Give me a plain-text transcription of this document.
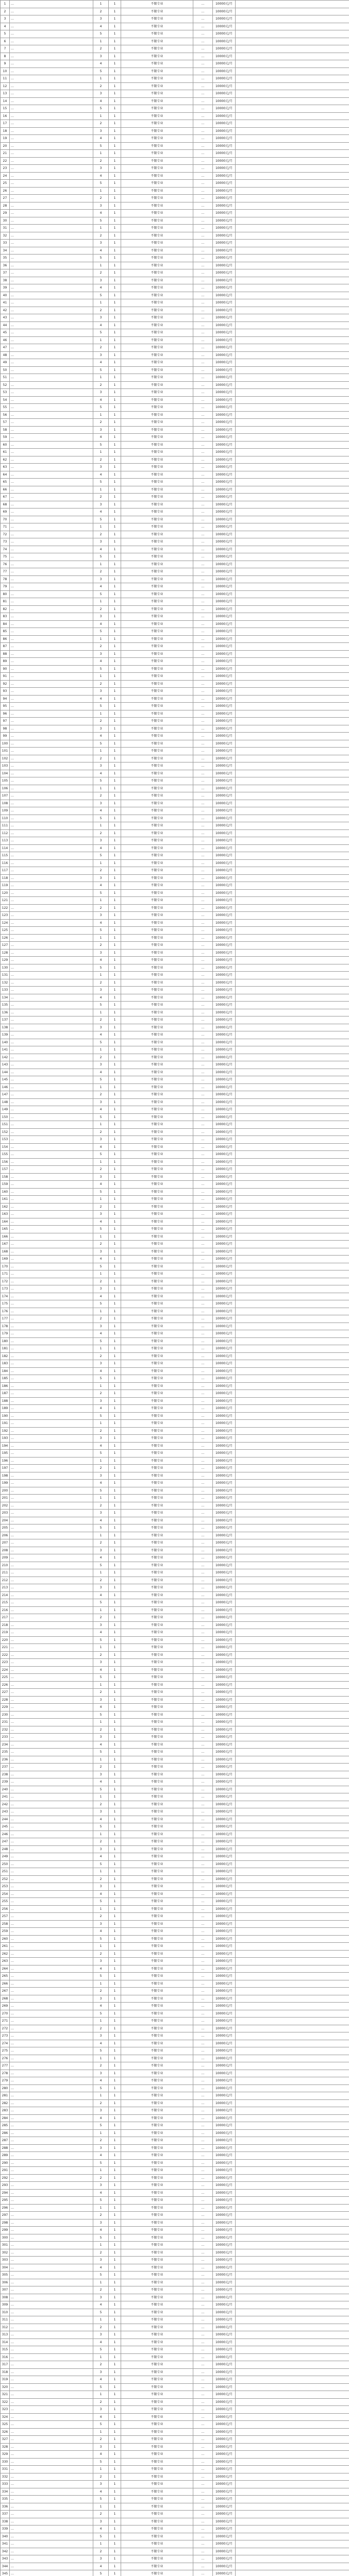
1	…	1	1	不限专业	…	10000元/月	
2	…	2	1	不限专业	…	10000元/月	
3	…	3	1	不限专业	…	10000元/月	
4	…	4	1	不限专业	…	10000元/月	
5	…	5	1	不限专业	…	10000元/月	
6	…	1	1	不限专业	…	10000元/月	
7	…	2	1	不限专业	…	10000元/月	
8	…	3	1	不限专业	…	10000元/月	
9	…	4	1	不限专业	…	10000元/月	
10	…	5	1	不限专业	…	10000元/月	
11	…	1	1	不限专业	…	10000元/月	
12	…	2	1	不限专业	…	10000元/月	
13	…	3	1	不限专业	…	10000元/月	
14	…	4	1	不限专业	…	10000元/月	
15	…	5	1	不限专业	…	10000元/月	
16	…	1	1	不限专业	…	10000元/月	
17	…	2	1	不限专业	…	10000元/月	
18	…	3	1	不限专业	…	10000元/月	
19	…	4	1	不限专业	…	10000元/月	
20	…	5	1	不限专业	…	10000元/月	
21	…	1	1	不限专业	…	10000元/月	
22	…	2	1	不限专业	…	10000元/月	
23	…	3	1	不限专业	…	10000元/月	
24	…	4	1	不限专业	…	10000元/月	
25	…	5	1	不限专业	…	10000元/月	
26	…	1	1	不限专业	…	10000元/月	
27	…	2	1	不限专业	…	10000元/月	
28	…	3	1	不限专业	…	10000元/月	
29	…	4	1	不限专业	…	10000元/月	
30	…	5	1	不限专业	…	10000元/月	
31	…	1	1	不限专业	…	10000元/月	
32	…	2	1	不限专业	…	10000元/月	
33	…	3	1	不限专业	…	10000元/月	
34	…	4	1	不限专业	…	10000元/月	
35	…	5	1	不限专业	…	10000元/月	
36	…	1	1	不限专业	…	10000元/月	
37	…	2	1	不限专业	…	10000元/月	
38	…	3	1	不限专业	…	10000元/月	
39	…	4	1	不限专业	…	10000元/月	
40	…	5	1	不限专业	…	10000元/月	
41	…	1	1	不限专业	…	10000元/月	
42	…	2	1	不限专业	…	10000元/月	
43	…	3	1	不限专业	…	10000元/月	
44	…	4	1	不限专业	…	10000元/月	
45	…	5	1	不限专业	…	10000元/月	
46	…	1	1	不限专业	…	10000元/月	
47	…	2	1	不限专业	…	10000元/月	
48	…	3	1	不限专业	…	10000元/月	
49	…	4	1	不限专业	…	10000元/月	
50	…	5	1	不限专业	…	10000元/月	
51	…	1	1	不限专业	…	10000元/月	
52	…	2	1	不限专业	…	10000元/月	
53	…	3	1	不限专业	…	10000元/月	
54	…	4	1	不限专业	…	10000元/月	
55	…	5	1	不限专业	…	10000元/月	
56	…	1	1	不限专业	…	10000元/月	
57	…	2	1	不限专业	…	10000元/月	
58	…	3	1	不限专业	…	10000元/月	
59	…	4	1	不限专业	…	10000元/月	
60	…	5	1	不限专业	…	10000元/月	
61	…	1	1	不限专业	…	10000元/月	
62	…	2	1	不限专业	…	10000元/月	
63	…	3	1	不限专业	…	10000元/月	
64	…	4	1	不限专业	…	10000元/月	
65	…	5	1	不限专业	…	10000元/月	
66	…	1	1	不限专业	…	10000元/月	
67	…	2	1	不限专业	…	10000元/月	
68	…	3	1	不限专业	…	10000元/月	
69	…	4	1	不限专业	…	10000元/月	
70	…	5	1	不限专业	…	10000元/月	
71	…	1	1	不限专业	…	10000元/月	
72	…	2	1	不限专业	…	10000元/月	
73	…	3	1	不限专业	…	10000元/月	
74	…	4	1	不限专业	…	10000元/月	
75	…	5	1	不限专业	…	10000元/月	
76	…	1	1	不限专业	…	10000元/月	
77	…	2	1	不限专业	…	10000元/月	
78	…	3	1	不限专业	…	10000元/月	
79	…	4	1	不限专业	…	10000元/月	
80	…	5	1	不限专业	…	10000元/月	
81	…	1	1	不限专业	…	10000元/月	
82	…	2	1	不限专业	…	10000元/月	
83	…	3	1	不限专业	…	10000元/月	
84	…	4	1	不限专业	…	10000元/月	
85	…	5	1	不限专业	…	10000元/月	
86	…	1	1	不限专业	…	10000元/月	
87	…	2	1	不限专业	…	10000元/月	
88	…	3	1	不限专业	…	10000元/月	
89	…	4	1	不限专业	…	10000元/月	
90	…	5	1	不限专业	…	10000元/月	
91	…	1	1	不限专业	…	10000元/月	
92	…	2	1	不限专业	…	10000元/月	
93	…	3	1	不限专业	…	10000元/月	
94	…	4	1	不限专业	…	10000元/月	
95	…	5	1	不限专业	…	10000元/月	
96	…	1	1	不限专业	…	10000元/月	
97	…	2	1	不限专业	…	10000元/月	
98	…	3	1	不限专业	…	10000元/月	
99	…	4	1	不限专业	…	10000元/月	
100	…	5	1	不限专业	…	10000元/月	
101	…	1	1	不限专业	…	10000元/月	
102	…	2	1	不限专业	…	10000元/月	
103	…	3	1	不限专业	…	10000元/月	
104	…	4	1	不限专业	…	10000元/月	
105	…	5	1	不限专业	…	10000元/月	
106	…	1	1	不限专业	…	10000元/月	
107	…	2	1	不限专业	…	10000元/月	
108	…	3	1	不限专业	…	10000元/月	
109	…	4	1	不限专业	…	10000元/月	
110	…	5	1	不限专业	…	10000元/月	
111	…	1	1	不限专业	…	10000元/月	
112	…	2	1	不限专业	…	10000元/月	
113	…	3	1	不限专业	…	10000元/月	
114	…	4	1	不限专业	…	10000元/月	
115	…	5	1	不限专业	…	10000元/月	
116	…	1	1	不限专业	…	10000元/月	
117	…	2	1	不限专业	…	10000元/月	
118	…	3	1	不限专业	…	10000元/月	
119	…	4	1	不限专业	…	10000元/月	
120	…	5	1	不限专业	…	10000元/月	
121	…	1	1	不限专业	…	10000元/月	
122	…	2	1	不限专业	…	10000元/月	
123	…	3	1	不限专业	…	10000元/月	
124	…	4	1	不限专业	…	10000元/月	
125	…	5	1	不限专业	…	10000元/月	
126	…	1	1	不限专业	…	10000元/月	
127	…	2	1	不限专业	…	10000元/月	
128	…	3	1	不限专业	…	10000元/月	
129	…	4	1	不限专业	…	10000元/月	
130	…	5	1	不限专业	…	10000元/月	
131	…	1	1	不限专业	…	10000元/月	
132	…	2	1	不限专业	…	10000元/月	
133	…	3	1	不限专业	…	10000元/月	
134	…	4	1	不限专业	…	10000元/月	
135	…	5	1	不限专业	…	10000元/月	
136	…	1	1	不限专业	…	10000元/月	
137	…	2	1	不限专业	…	10000元/月	
138	…	3	1	不限专业	…	10000元/月	
139	…	4	1	不限专业	…	10000元/月	
140	…	5	1	不限专业	…	10000元/月	
141	…	1	1	不限专业	…	10000元/月	
142	…	2	1	不限专业	…	10000元/月	
143	…	3	1	不限专业	…	10000元/月	
144	…	4	1	不限专业	…	10000元/月	
145	…	5	1	不限专业	…	10000元/月	
146	…	1	1	不限专业	…	10000元/月	
147	…	2	1	不限专业	…	10000元/月	
148	…	3	1	不限专业	…	10000元/月	
149	…	4	1	不限专业	…	10000元/月	
150	…	5	1	不限专业	…	10000元/月	
151	…	1	1	不限专业	…	10000元/月	
152	…	2	1	不限专业	…	10000元/月	
153	…	3	1	不限专业	…	10000元/月	
154	…	4	1	不限专业	…	10000元/月	
155	…	5	1	不限专业	…	10000元/月	
156	…	1	1	不限专业	…	10000元/月	
157	…	2	1	不限专业	…	10000元/月	
158	…	3	1	不限专业	…	10000元/月	
159	…	4	1	不限专业	…	10000元/月	
160	…	5	1	不限专业	…	10000元/月	
161	…	1	1	不限专业	…	10000元/月	
162	…	2	1	不限专业	…	10000元/月	
163	…	3	1	不限专业	…	10000元/月	
164	…	4	1	不限专业	…	10000元/月	
165	…	5	1	不限专业	…	10000元/月	
166	…	1	1	不限专业	…	10000元/月	
167	…	2	1	不限专业	…	10000元/月	
168	…	3	1	不限专业	…	10000元/月	
169	…	4	1	不限专业	…	10000元/月	
170	…	5	1	不限专业	…	10000元/月	
171	…	1	1	不限专业	…	10000元/月	
172	…	2	1	不限专业	…	10000元/月	
173	…	3	1	不限专业	…	10000元/月	
174	…	4	1	不限专业	…	10000元/月	
175	…	5	1	不限专业	…	10000元/月	
176	…	1	1	不限专业	…	10000元/月	
177	…	2	1	不限专业	…	10000元/月	
178	…	3	1	不限专业	…	10000元/月	
179	…	4	1	不限专业	…	10000元/月	
180	…	5	1	不限专业	…	10000元/月	
181	…	1	1	不限专业	…	10000元/月	
182	…	2	1	不限专业	…	10000元/月	
183	…	3	1	不限专业	…	10000元/月	
184	…	4	1	不限专业	…	10000元/月	
185	…	5	1	不限专业	…	10000元/月	
186	…	1	1	不限专业	…	10000元/月	
187	…	2	1	不限专业	…	10000元/月	
188	…	3	1	不限专业	…	10000元/月	
189	…	4	1	不限专业	…	10000元/月	
190	…	5	1	不限专业	…	10000元/月	
191	…	1	1	不限专业	…	10000元/月	
192	…	2	1	不限专业	…	10000元/月	
193	…	3	1	不限专业	…	10000元/月	
194	…	4	1	不限专业	…	10000元/月	
195	…	5	1	不限专业	…	10000元/月	
196	…	1	1	不限专业	…	10000元/月	
197	…	2	1	不限专业	…	10000元/月	
198	…	3	1	不限专业	…	10000元/月	
199	…	4	1	不限专业	…	10000元/月	
200	…	5	1	不限专业	…	10000元/月	
201	…	1	1	不限专业	…	10000元/月	
202	…	2	1	不限专业	…	10000元/月	
203	…	3	1	不限专业	…	10000元/月	
204	…	4	1	不限专业	…	10000元/月	
205	…	5	1	不限专业	…	10000元/月	
206	…	1	1	不限专业	…	10000元/月	
207	…	2	1	不限专业	…	10000元/月	
208	…	3	1	不限专业	…	10000元/月	
209	…	4	1	不限专业	…	10000元/月	
210	…	5	1	不限专业	…	10000元/月	
211	…	1	1	不限专业	…	10000元/月	
212	…	2	1	不限专业	…	10000元/月	
213	…	3	1	不限专业	…	10000元/月	
214	…	4	1	不限专业	…	10000元/月	
215	…	5	1	不限专业	…	10000元/月	
216	…	1	1	不限专业	…	10000元/月	
217	…	2	1	不限专业	…	10000元/月	
218	…	3	1	不限专业	…	10000元/月	
219	…	4	1	不限专业	…	10000元/月	
220	…	5	1	不限专业	…	10000元/月	
221	…	1	1	不限专业	…	10000元/月	
222	…	2	1	不限专业	…	10000元/月	
223	…	3	1	不限专业	…	10000元/月	
224	…	4	1	不限专业	…	10000元/月	
225	…	5	1	不限专业	…	10000元/月	
226	…	1	1	不限专业	…	10000元/月	
227	…	2	1	不限专业	…	10000元/月	
228	…	3	1	不限专业	…	10000元/月	
229	…	4	1	不限专业	…	10000元/月	
230	…	5	1	不限专业	…	10000元/月	
231	…	1	1	不限专业	…	10000元/月	
232	…	2	1	不限专业	…	10000元/月	
233	…	3	1	不限专业	…	10000元/月	
234	…	4	1	不限专业	…	10000元/月	
235	…	5	1	不限专业	…	10000元/月	
236	…	1	1	不限专业	…	10000元/月	
237	…	2	1	不限专业	…	10000元/月	
238	…	3	1	不限专业	…	10000元/月	
239	…	4	1	不限专业	…	10000元/月	
240	…	5	1	不限专业	…	10000元/月	
241	…	1	1	不限专业	…	10000元/月	
242	…	2	1	不限专业	…	10000元/月	
243	…	3	1	不限专业	…	10000元/月	
244	…	4	1	不限专业	…	10000元/月	
245	…	5	1	不限专业	…	10000元/月	
246	…	1	1	不限专业	…	10000元/月	
247	…	2	1	不限专业	…	10000元/月	
248	…	3	1	不限专业	…	10000元/月	
249	…	4	1	不限专业	…	10000元/月	
250	…	5	1	不限专业	…	10000元/月	
251	…	1	1	不限专业	…	10000元/月	
252	…	2	1	不限专业	…	10000元/月	
253	…	3	1	不限专业	…	10000元/月	
254	…	4	1	不限专业	…	10000元/月	
255	…	5	1	不限专业	…	10000元/月	
256	…	1	1	不限专业	…	10000元/月	
257	…	2	1	不限专业	…	10000元/月	
258	…	3	1	不限专业	…	10000元/月	
259	…	4	1	不限专业	…	10000元/月	
260	…	5	1	不限专业	…	10000元/月	
261	…	1	1	不限专业	…	10000元/月	
262	…	2	1	不限专业	…	10000元/月	
263	…	3	1	不限专业	…	10000元/月	
264	…	4	1	不限专业	…	10000元/月	
265	…	5	1	不限专业	…	10000元/月	
266	…	1	1	不限专业	…	10000元/月	
267	…	2	1	不限专业	…	10000元/月	
268	…	3	1	不限专业	…	10000元/月	
269	…	4	1	不限专业	…	10000元/月	
270	…	5	1	不限专业	…	10000元/月	
271	…	1	1	不限专业	…	10000元/月	
272	…	2	1	不限专业	…	10000元/月	
273	…	3	1	不限专业	…	10000元/月	
274	…	4	1	不限专业	…	10000元/月	
275	…	5	1	不限专业	…	10000元/月	
276	…	1	1	不限专业	…	10000元/月	
277	…	2	1	不限专业	…	10000元/月	
278	…	3	1	不限专业	…	10000元/月	
279	…	4	1	不限专业	…	10000元/月	
280	…	5	1	不限专业	…	10000元/月	
281	…	1	1	不限专业	…	10000元/月	
282	…	2	1	不限专业	…	10000元/月	
283	…	3	1	不限专业	…	10000元/月	
284	…	4	1	不限专业	…	10000元/月	
285	…	5	1	不限专业	…	10000元/月	
286	…	1	1	不限专业	…	10000元/月	
287	…	2	1	不限专业	…	10000元/月	
288	…	3	1	不限专业	…	10000元/月	
289	…	4	1	不限专业	…	10000元/月	
290	…	5	1	不限专业	…	10000元/月	
291	…	1	1	不限专业	…	10000元/月	
292	…	2	1	不限专业	…	10000元/月	
293	…	3	1	不限专业	…	10000元/月	
294	…	4	1	不限专业	…	10000元/月	
295	…	5	1	不限专业	…	10000元/月	
296	…	1	1	不限专业	…	10000元/月	
297	…	2	1	不限专业	…	10000元/月	
298	…	3	1	不限专业	…	10000元/月	
299	…	4	1	不限专业	…	10000元/月	
300	…	5	1	不限专业	…	10000元/月	
301	…	1	1	不限专业	…	10000元/月	
302	…	2	1	不限专业	…	10000元/月	
303	…	3	1	不限专业	…	10000元/月	
304	…	4	1	不限专业	…	10000元/月	
305	…	5	1	不限专业	…	10000元/月	
306	…	1	1	不限专业	…	10000元/月	
307	…	2	1	不限专业	…	10000元/月	
308	…	3	1	不限专业	…	10000元/月	
309	…	4	1	不限专业	…	10000元/月	
310	…	5	1	不限专业	…	10000元/月	
311	…	1	1	不限专业	…	10000元/月	
312	…	2	1	不限专业	…	10000元/月	
313	…	3	1	不限专业	…	10000元/月	
314	…	4	1	不限专业	…	10000元/月	
315	…	5	1	不限专业	…	10000元/月	
316	…	1	1	不限专业	…	10000元/月	
317	…	2	1	不限专业	…	10000元/月	
318	…	3	1	不限专业	…	10000元/月	
319	…	4	1	不限专业	…	10000元/月	
320	…	5	1	不限专业	…	10000元/月	
321	…	1	1	不限专业	…	10000元/月	
322	…	2	1	不限专业	…	10000元/月	
323	…	3	1	不限专业	…	10000元/月	
324	…	4	1	不限专业	…	10000元/月	
325	…	5	1	不限专业	…	10000元/月	
326	…	1	1	不限专业	…	10000元/月	
327	…	2	1	不限专业	…	10000元/月	
328	…	3	1	不限专业	…	10000元/月	
329	…	4	1	不限专业	…	10000元/月	
330	…	5	1	不限专业	…	10000元/月	
331	…	1	1	不限专业	…	10000元/月	
332	…	2	1	不限专业	…	10000元/月	
333	…	3	1	不限专业	…	10000元/月	
334	…	4	1	不限专业	…	10000元/月	
335	…	5	1	不限专业	…	10000元/月	
336	…	1	1	不限专业	…	10000元/月	
337	…	2	1	不限专业	…	10000元/月	
338	…	3	1	不限专业	…	10000元/月	
339	…	4	1	不限专业	…	10000元/月	
340	…	5	1	不限专业	…	10000元/月	
341	…	1	1	不限专业	…	10000元/月	
342	…	2	1	不限专业	…	10000元/月	
343	…	3	1	不限专业	…	10000元/月	
344	…	4	1	不限专业	…	10000元/月	
345	…	5	1	不限专业	…	10000元/月	
